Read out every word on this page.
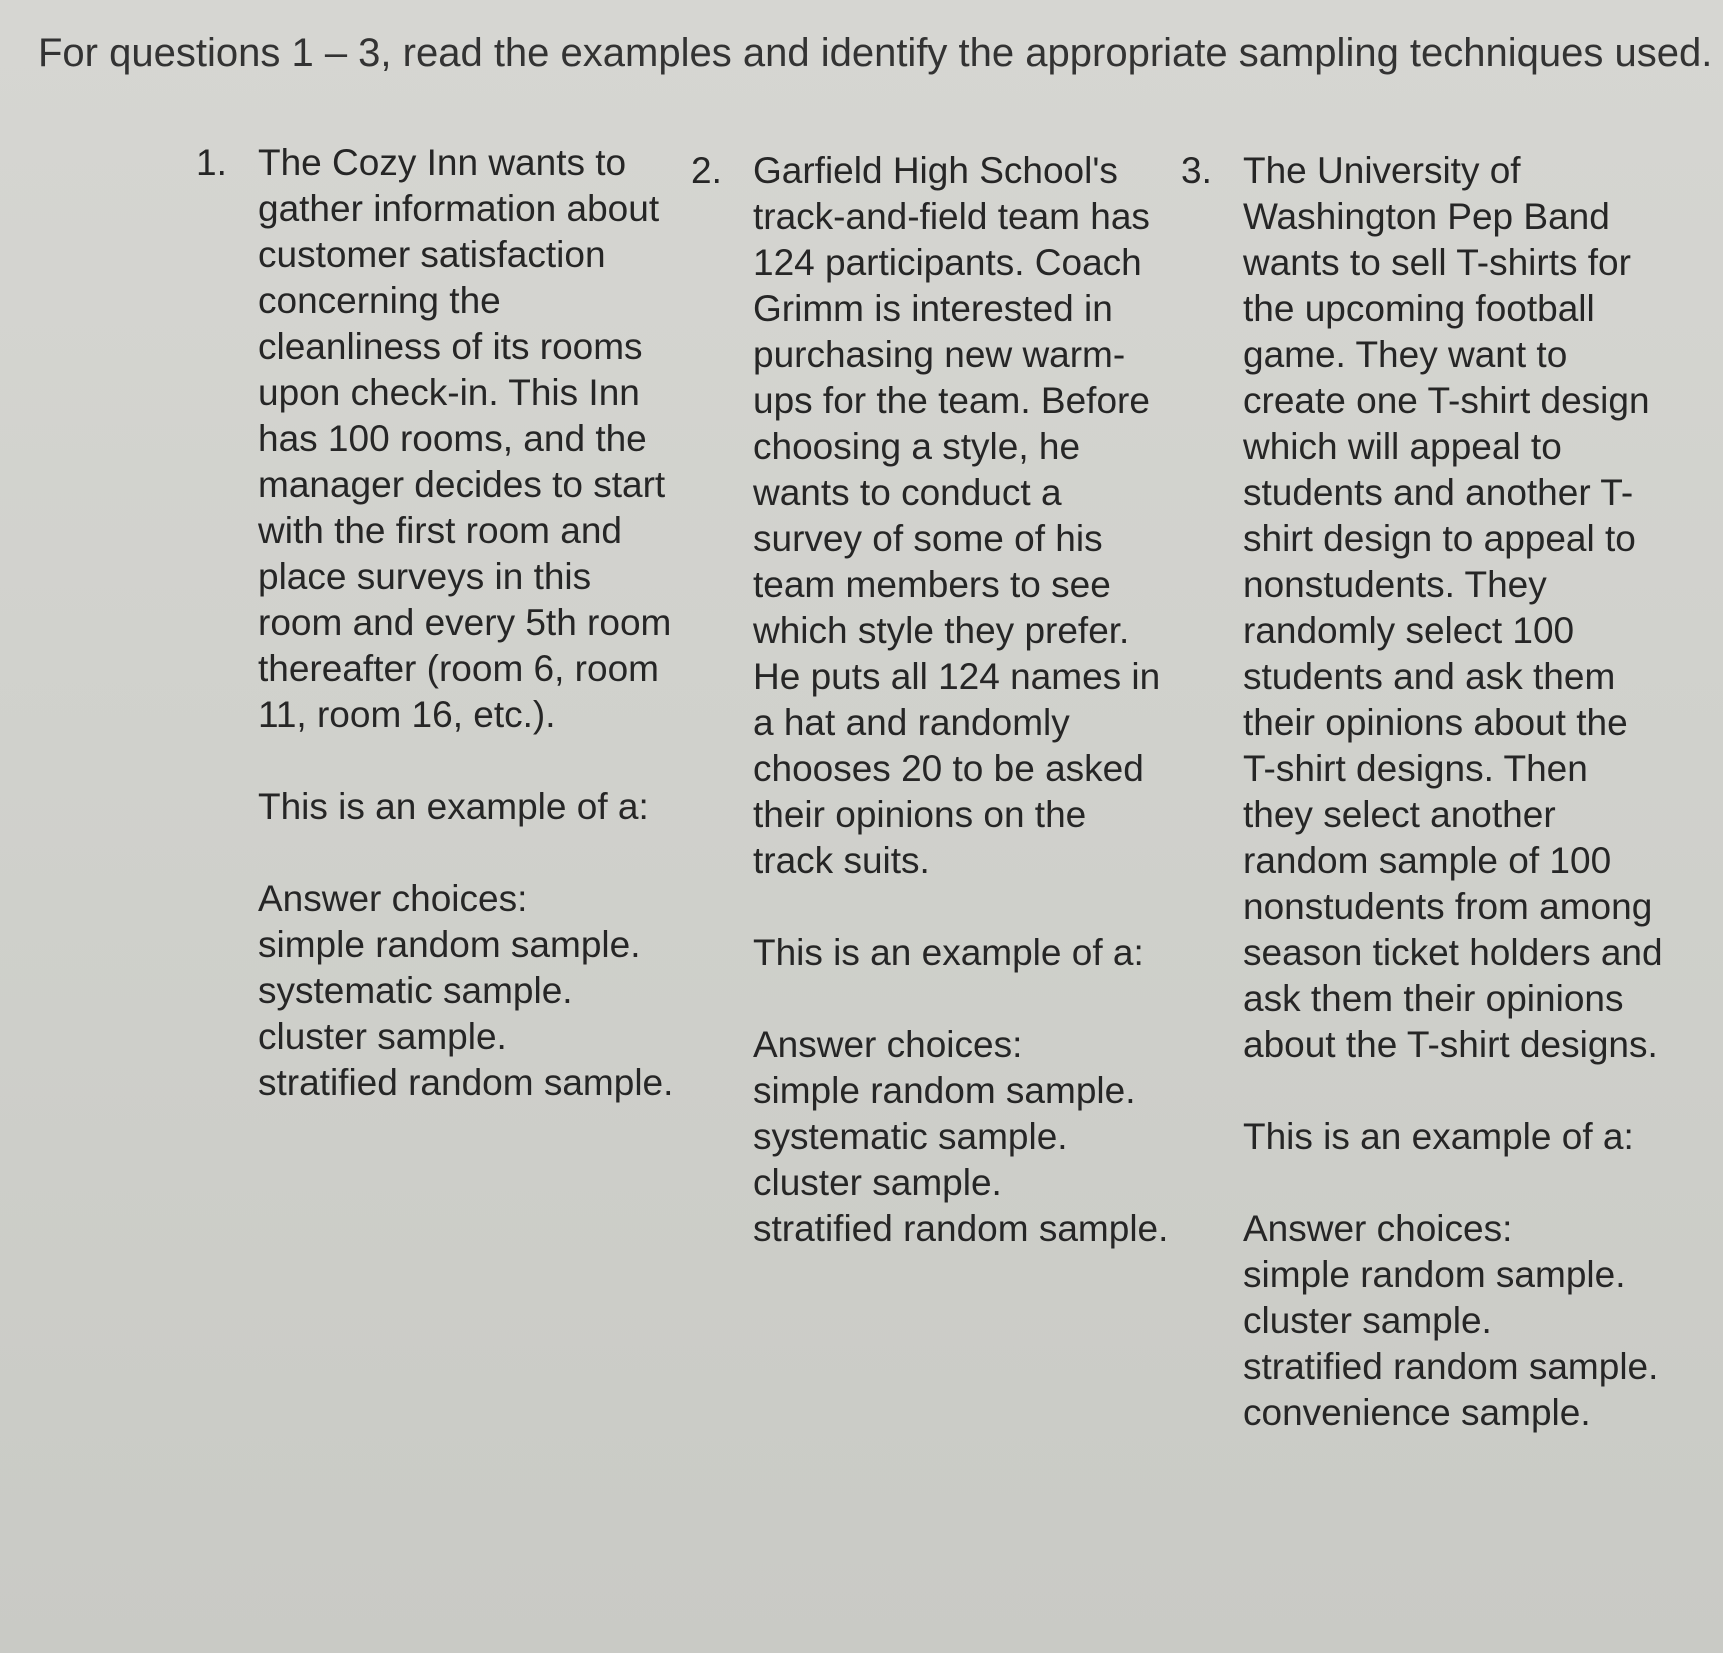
For questions 1 – 3, read the examples and identify the appropriate sampling techniques used.
1. The Cozy Inn wants to gather information about customer satisfaction concerning the cleanliness of its rooms upon check-in. This Inn has 100 rooms, and the manager decides to start with the first room and place surveys in this room and every 5th room thereafter (room 6, room 11, room 16, etc.).

This is an example of a:
Answer choices:
simple random sample.
systematic sample.
cluster sample.
stratified random sample.
2. Garfield High School's track-and-field team has 124 participants. Coach Grimm is interested in purchasing new warm-ups for the team. Before choosing a style, he wants to conduct a survey of some of his team members to see which style they prefer. He puts all 124 names in a hat and randomly chooses 20 to be asked their opinions on the track suits.

This is an example of a:
Answer choices:
simple random sample.
systematic sample.
cluster sample.
stratified random sample.
3. The University of Washington Pep Band wants to sell T-shirts for the upcoming football game. They want to create one T-shirt design which will appeal to students and another T-shirt design to appeal to nonstudents. They randomly select 100 students and ask them their opinions about the T-shirt designs. Then they select another random sample of 100 nonstudents from among season ticket holders and ask them their opinions about the T-shirt designs.

This is an example of a:
Answer choices:
simple random sample.
cluster sample.
stratified random sample.
convenience sample.
